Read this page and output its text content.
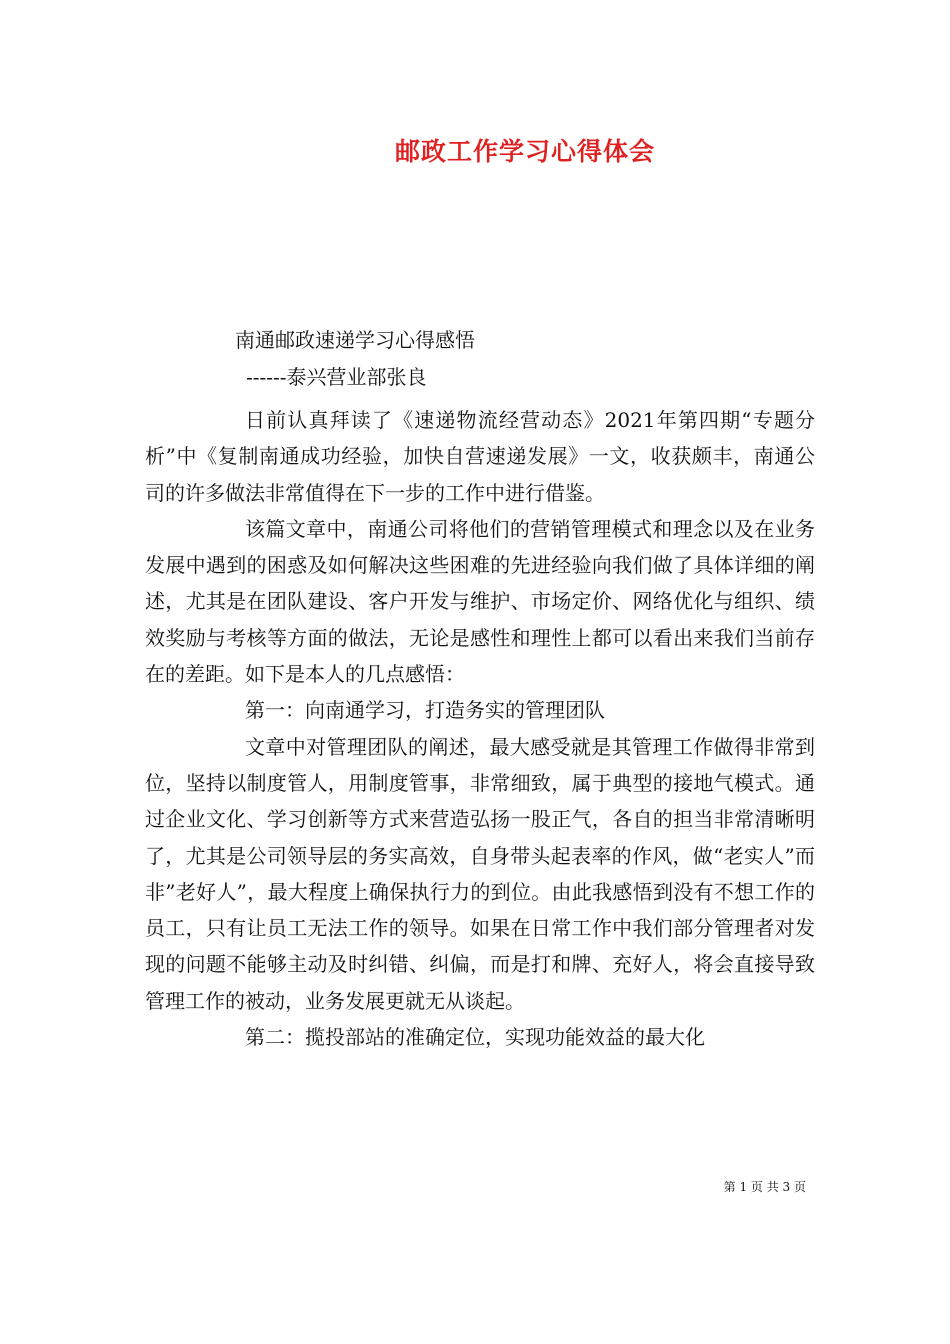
邮政工作学习心得体会
南通邮政速递学习心得感悟
------泰兴营业部张良

日前认真拜读了《速递物流经营动态》2021年第四期“专题分析”中《复制南通成功经验，加快自营速递发展》一文，收获颇丰，南通公司的许多做法非常值得在下一步的工作中进行借鉴。

该篇文章中，南通公司将他们的营销管理模式和理念以及在业务发展中遇到的困惑及如何解决这些困难的先进经验向我们做了具体详细的阐述，尤其是在团队建设、客户开发与维护、市场定价、网络优化与组织、绩效奖励与考核等方面的做法，无论是感性和理性上都可以看出来我们当前存在的差距。如下是本人的几点感悟：

第一：向南通学习，打造务实的管理团队

文章中对管理团队的阐述，最大感受就是其管理工作做得非常到位，坚持以制度管人，用制度管事，非常细致，属于典型的接地气模式。通过企业文化、学习创新等方式来营造弘扬一股正气，各自的担当非常清晰明了，尤其是公司领导层的务实高效，自身带头起表率的作风，做“老实人”而非”老好人”，最大程度上确保执行力的到位。由此我感悟到没有不想工作的员工，只有让员工无法工作的领导。如果在日常工作中我们部分管理者对发现的问题不能够主动及时纠错、纠偏，而是打和牌、充好人，将会直接导致管理工作的被动，业务发展更就无从谈起。

第二：揽投部站的准确定位，实现功能效益的最大化

第 1 页 共 3 页
